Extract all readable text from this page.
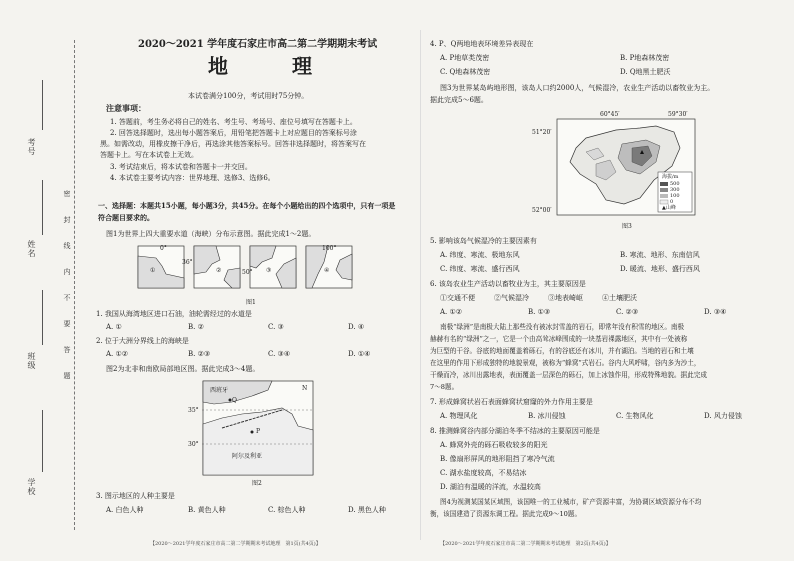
考号
姓名
班级
学校
密　封　线　内　不　要　答　题
2020～2021 学年度石家庄市高二第二学期期末考试
地　理
本试卷满分100分，考试用时75分钟。
注意事项：
1. 答题前，考生务必将自己的姓名、考生号、考场号、座位号填写在答题卡上。
2. 回答选择题时，选出每小题答案后，用铅笔把答题卡上对应题目的答案标号涂
黑。如需改动，用橡皮擦干净后，再选涂其他答案标号。回答非选择题时，将答案写在
答题卡上。写在本试卷上无效。
3. 考试结束后，将本试卷和答题卡一并交回。
4. 本试卷主要考试内容：世界地理、选修3、选修6。
一、选择题：本题共15小题，每小题3分，共45分。在每个小题给出的四个选项中，只有一项是
符合题目要求的。
图1为世界上四大重要水道（海峡）分布示意图。据此完成1～2题。
0°
36°
50°
100°
①	②	③	④
图1
1. 我国从海湾地区进口石油，油轮需经过的水道是
A. ①	B. ②	C. ③	D. ④
2. 位于大洲分界线上的海峡是
A. ①②	B. ②③	C. ③④	D. ①④
图2为北非和南欧局部地区图。据此完成3～4题。
西班牙
Q
P
阿尔及利亚
35°
30°
N
图2
3. 图示地区的人种主要是
A. 白色人种	B. 黄色人种	C. 棕色人种	D. 黑色人种
【2020～2021学年度石家庄市高二第二学期期末考试地理　第1页(共4页)】
4. P、Q两地地表环境差异表现在
A. P地草类茂密	B. P地森林茂密
C. Q地森林茂密	D. Q地黑土肥沃
图3为世界某岛屿地形图，该岛人口约2000人，气候湿冷，农业生产活动以畜牧业为主。
据此完成5～6题。
60°45′	59°30′
51°20′
52°00′
海拔/m
500
300
100
0
▲山峰
图3
5. 影响该岛气候湿冷的主要因素有
A. 纬度、寒流、极地东风	B. 寒流、地形、东南信风
C. 纬度、寒流、盛行西风	D. 暖流、地形、盛行西风
6. 该岛农业生产活动以畜牧业为主，其主要原因是
①交通不便	②气候湿冷	③地表崎岖	④土壤肥沃
A. ①②	B. ①③	C. ②③	D. ③④
南极“绿洲”是南极大陆上那些没有被冰封雪盖的岩石，即常年没有积雪的地区。南极
赫赫有名的“绿洲”之一，它是一个由高耸冰峰围成的一块基岩裸露地区，其中有一处被称
为巨型的干谷。谷底的地面覆盖着砾石，有的谷底还有冰川，并有湖泊。当地的岩石和土壤
在这里的作用下形成独特的地貌景观，被称为“蜂窝”式岩石。谷内大风呼啸，谷内多为沙土，
干燥而冷，冰川出露地表，表面覆盖一层深色的砾石，加上冰蚀作用，形成特殊地貌。据此完成
7～8题。
7. 形成蜂窝状岩石表面蜂窝状窟窿的外力作用主要是
A. 物理风化	B. 冰川侵蚀	C. 生物风化	D. 风力侵蚀
8. 推测蜂窝谷内部分湖泊冬季不结冰的主要原因可能是
A. 蜂窝外壳的砾石吸收较多的阳光
B. 像扇形屏风的地形阻挡了寒冷气流
C. 湖水盐度较高，不易结冰
D. 湖泊有温暖的洋流，水温较高
图4为视测某国某区域图，该国唯一的工业城市，矿产资源丰富，为协调区域资源分布不均
衡，该国建造了资源东调工程。据此完成9～10题。
【2020～2021学年度石家庄市高二第二学期期末考试地理　第2页(共4页)】
